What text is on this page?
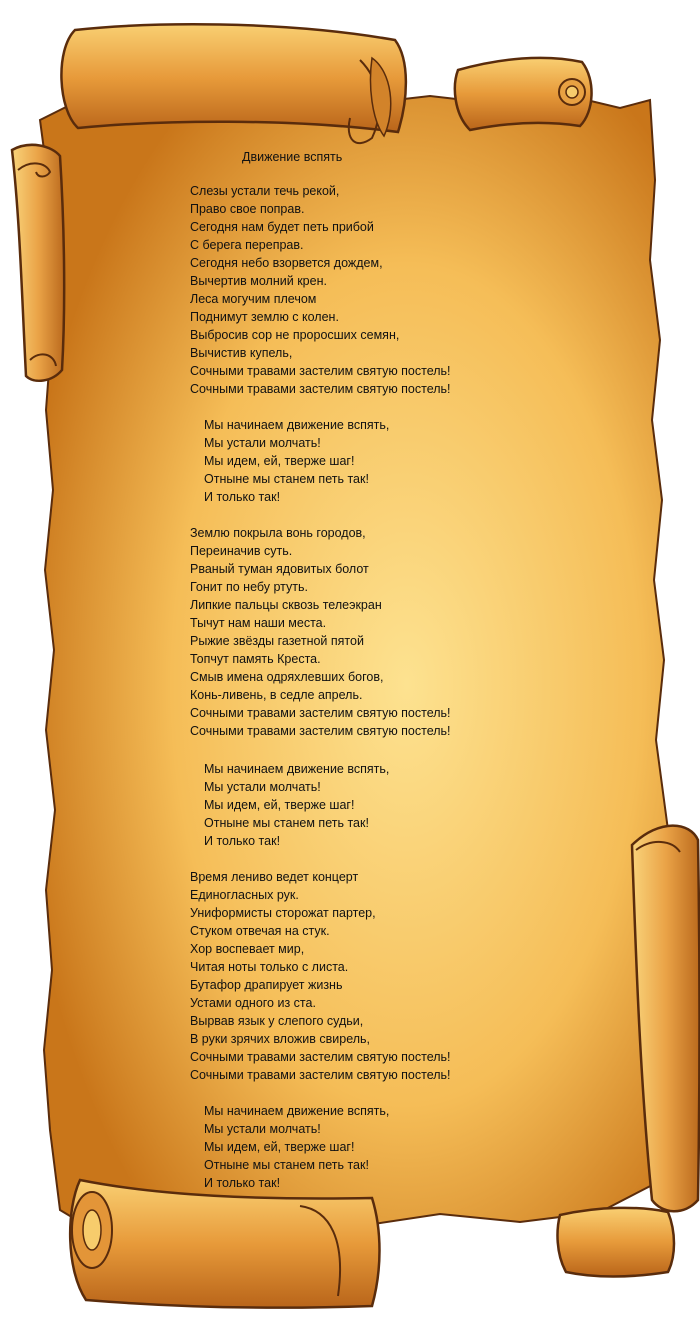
Движение вспять
Слезы устали течь рекой,
Право свое поправ.
Сегодня нам будет петь прибой
С берега переправ.
Сегодня небо взорвется дождем,
Вычертив молний крен.
Леса могучим плечом
Поднимут землю с колен.
Выбросив сор не проросших семян,
Вычистив купель,
Сочными травами застелим святую постель!
Сочными травами застелим святую постель!
Мы начинаем движение вспять,
Мы устали молчать!
Мы идем, ей, тверже шаг!
Отныне мы станем петь так!
И только так!
Землю покрыла вонь городов,
Переиначив суть.
Рваный туман ядовитых болот
Гонит по небу ртуть.
Липкие пальцы сквозь телеэкран
Тычут нам наши места.
Рыжие звёзды газетной пятой
Топчут память Креста.
Смыв имена одряхлевших богов,
Конь-ливень, в седле апрель.
Сочными травами застелим святую постель!
Сочными травами застелим святую постель!
Мы начинаем движение вспять,
Мы устали молчать!
Мы идем, ей, тверже шаг!
Отныне мы станем петь так!
И только так!
Время лениво ведет концерт
Единогласных рук.
Униформисты сторожат партер,
Стуком отвечая на стук.
Хор воспевает мир,
Читая ноты только с листа.
Бутафор драпирует жизнь
Устами одного из ста.
Вырвав язык у слепого судьи,
В руки зрячих вложив свирель,
Сочными травами застелим святую постель!
Сочными травами застелим святую постель!
Мы начинаем движение вспять,
Мы устали молчать!
Мы идем, ей, тверже шаг!
Отныне мы станем петь так!
И только так!
